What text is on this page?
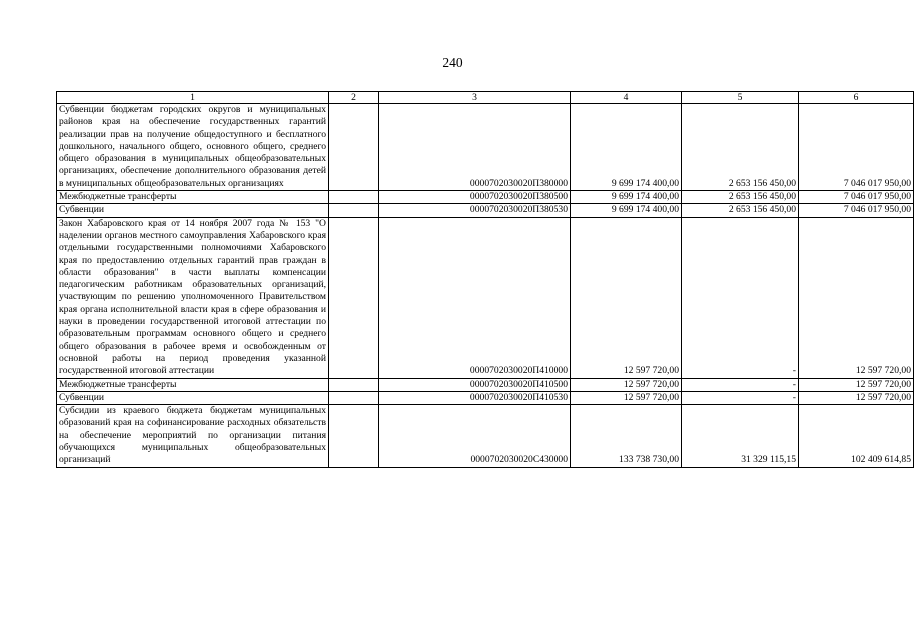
240
1	2	3	4	5	6
Субвенции бюджетам городских округов и муниципальных районов края на обеспечение государственных гарантий реализации прав на получение общедоступного и бесплатного дошкольного, начального общего, основного общего, среднего общего образования в муниципальных общеобразовательных организациях, обеспечение дополнительного образования детей в муниципальных общеобразовательных организациях		0000702030020П380000	9 699 174 400,00	2 653 156 450,00	7 046 017 950,00
Межбюджетные трансферты		0000702030020П380500	9 699 174 400,00	2 653 156 450,00	7 046 017 950,00
Субвенции		0000702030020П380530	9 699 174 400,00	2 653 156 450,00	7 046 017 950,00
Закон Хабаровского края от 14 ноября 2007 года № 153 "О наделении органов местного самоуправления Хабаровского края отдельными государственными полномочиями Хабаровского края по предоставлению отдельных гарантий прав граждан в области образования" в части выплаты компенсации педагогическим работникам образовательных организаций, участвующим по решению уполномоченного Правительством края органа исполнительной власти края в сфере образования и науки в проведении государственной итоговой аттестации по образовательным программам основного общего и среднего общего образования в рабочее время и освобожденным от основной работы на период проведения указанной государственной итоговой аттестации		0000702030020П410000	12 597 720,00	-	12 597 720,00
Межбюджетные трансферты		0000702030020П410500	12 597 720,00	-	12 597 720,00
Субвенции		0000702030020П410530	12 597 720,00	-	12 597 720,00
Субсидии из краевого бюджета бюджетам муниципальных образований края на софинансирование расходных обязательств на обеспечение мероприятий по организации питания обучающихся муниципальных общеобразовательных организаций		0000702030020С430000	133 738 730,00	31 329 115,15	102 409 614,85
